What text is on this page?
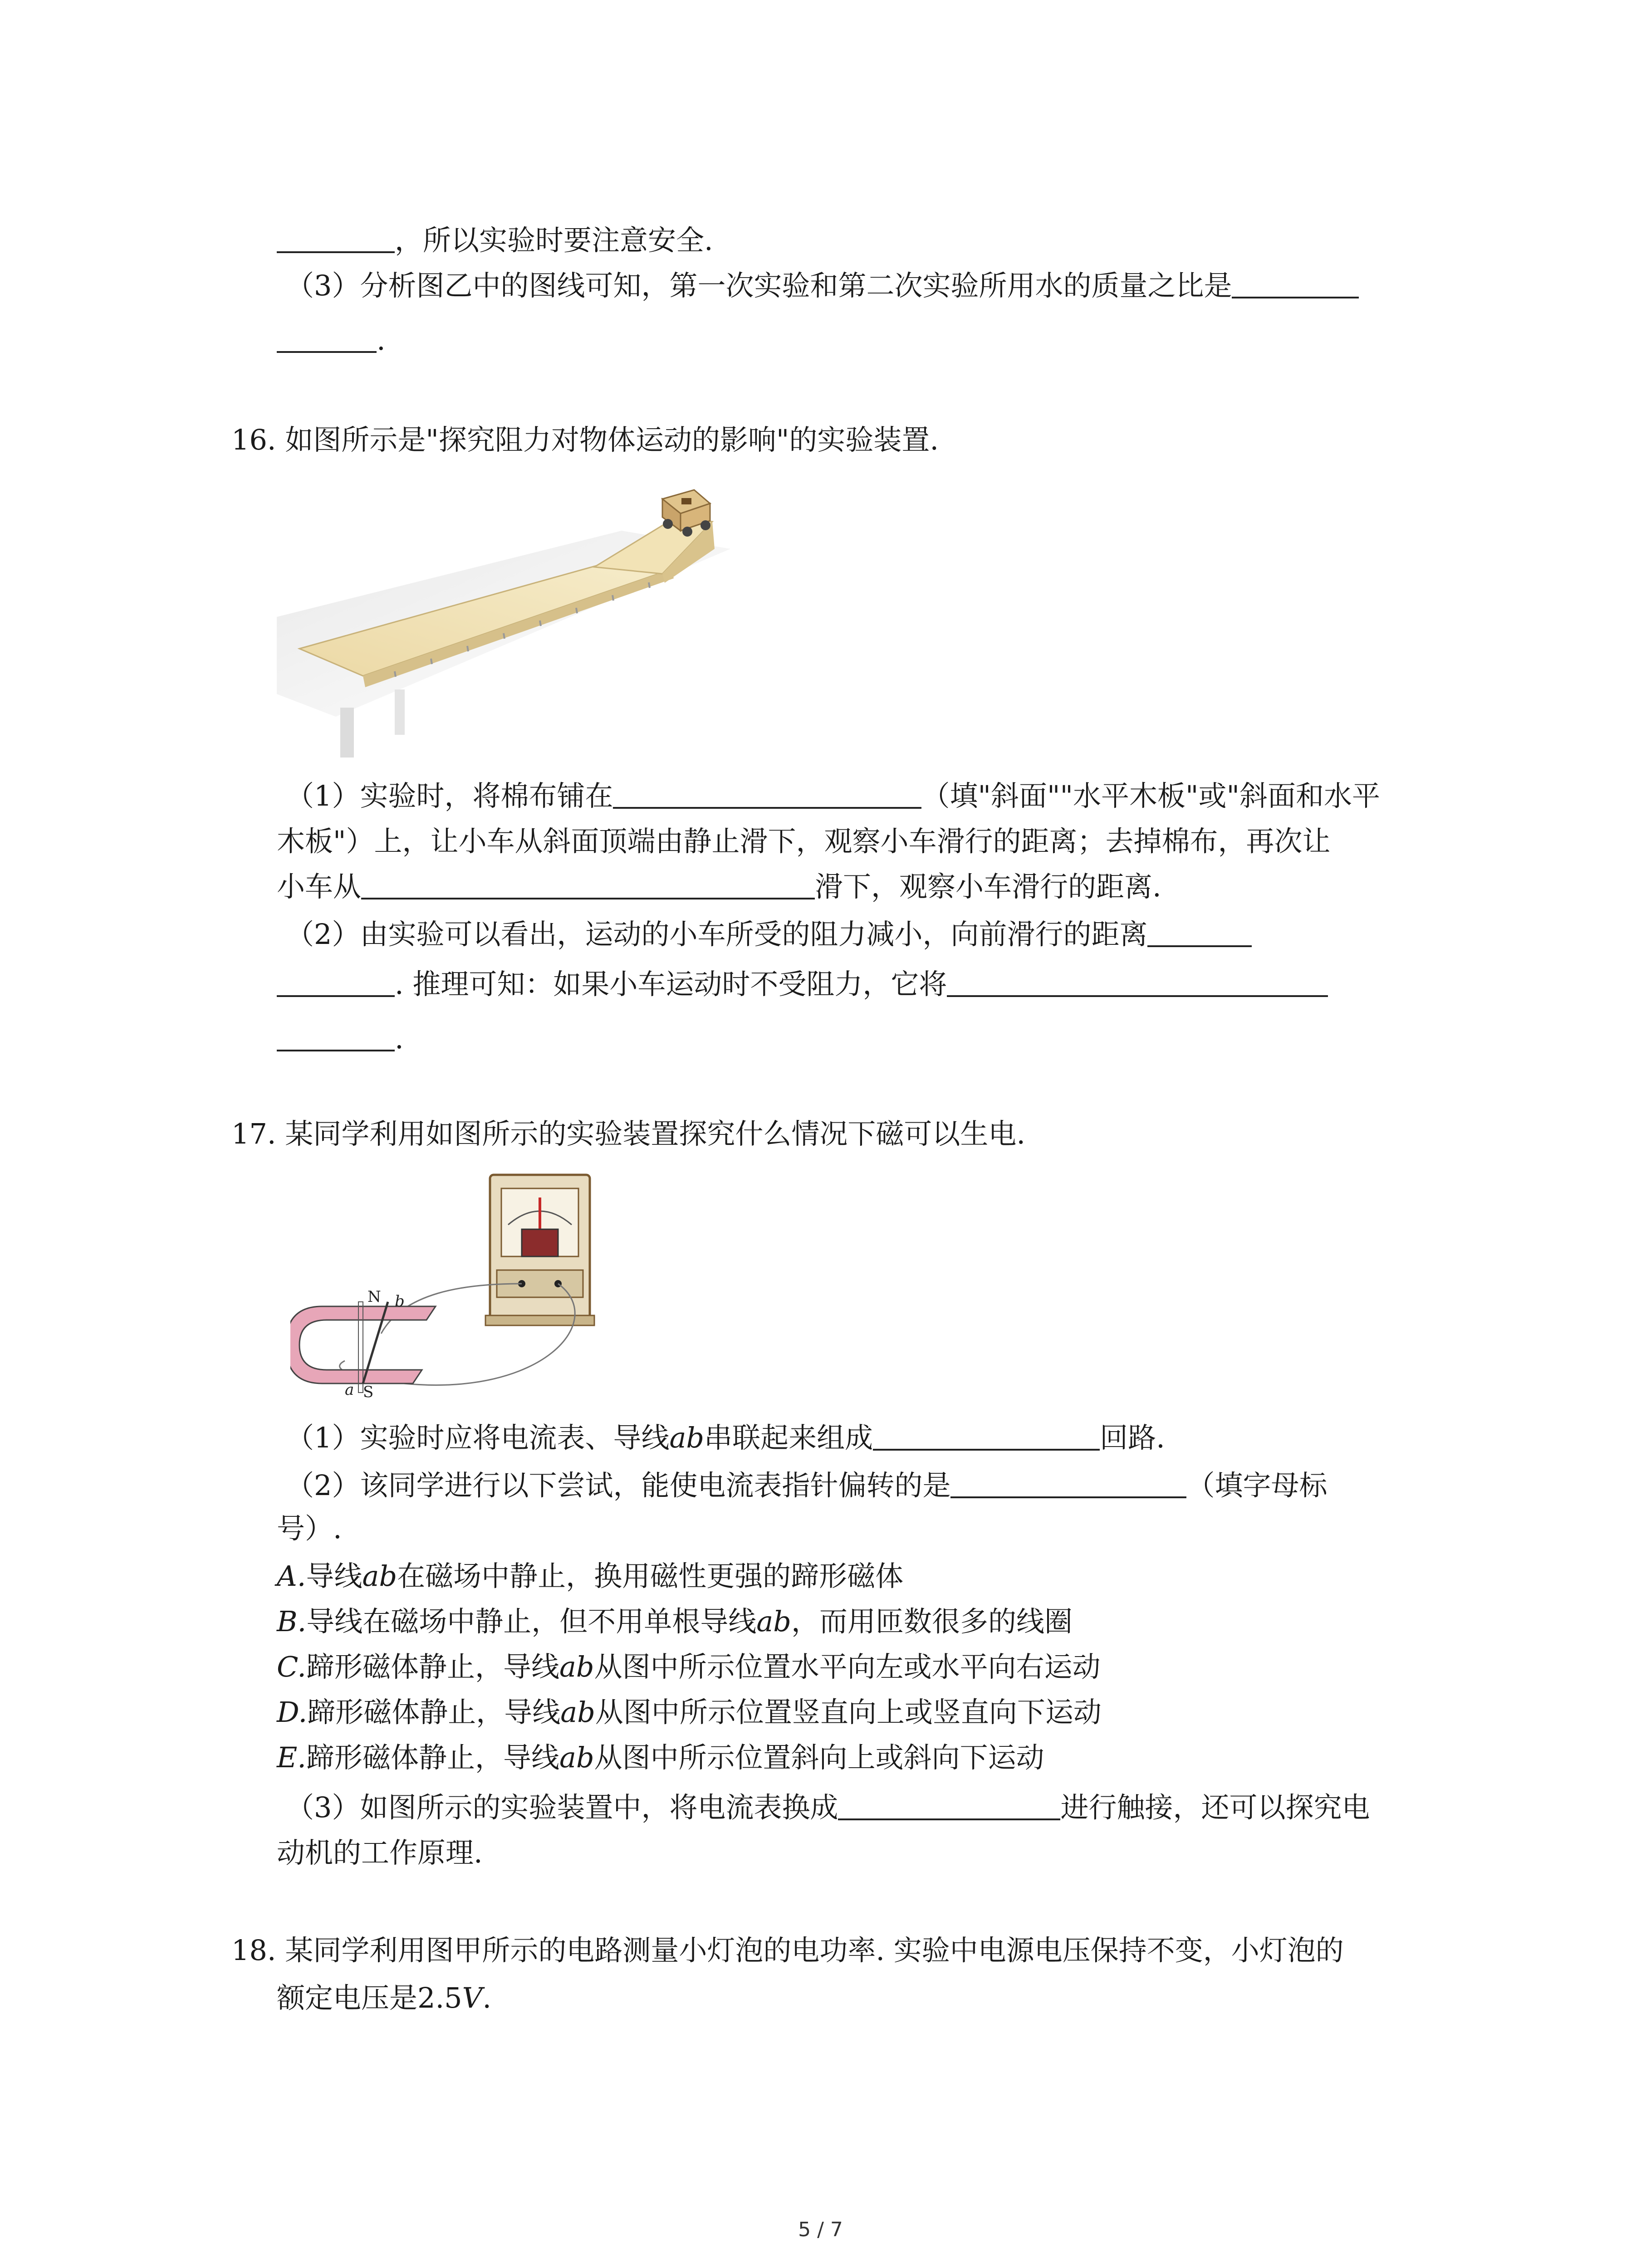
，所以实验时要注意安全.
（3）分析图乙中的图线可知，第一次实验和第二次实验所用水的质量之比是
.
16. 如图所示是"探究阻力对物体运动的影响"的实验装置.
（1）实验时，将棉布铺在	（填"斜面""水平木板"或"斜面和水平
木板"）上，让小车从斜面顶端由静止滑下，观察小车滑行的距离；去掉棉布，再次让
小车从	滑下，观察小车滑行的距离.
（2）由实验可以看出，运动的小车所受的阻力减小，向前滑行的距离
. 推理可知：如果小车运动时不受阻力，它将
.
17. 某同学利用如图所示的实验装置探究什么情况下磁可以生电.
N
S
a
b
（1）实验时应将电流表、导线ab串联起来组成	回路.
（2）该同学进行以下尝试，能使电流表指针偏转的是	（填字母标
号）.
A.导线ab在磁场中静止，换用磁性更强的蹄形磁体
B.导线在磁场中静止，但不用单根导线ab，而用匝数很多的线圈
C.蹄形磁体静止，导线ab从图中所示位置水平向左或水平向右运动
D.蹄形磁体静止，导线ab从图中所示位置竖直向上或竖直向下运动
E.蹄形磁体静止，导线ab从图中所示位置斜向上或斜向下运动
（3）如图所示的实验装置中，将电流表换成	进行触接，还可以探究电
动机的工作原理.
18. 某同学利用图甲所示的电路测量小灯泡的电功率. 实验中电源电压保持不变，小灯泡的
额定电压是2.5V.
5 / 7
